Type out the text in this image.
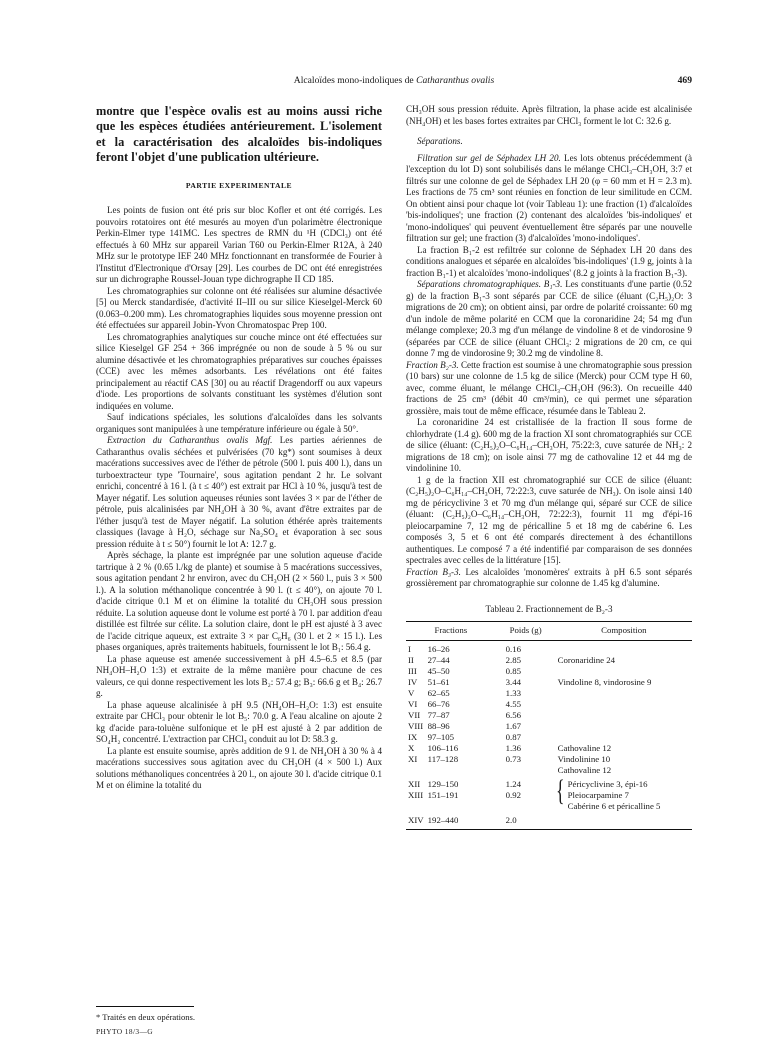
Alcaloïdes mono-indoliques de Catharanthus ovalis	469

montre que l'espèce ovalis est au moins aussi riche que les espèces étudiées antérieurement. L'isolement et la caractérisation des alcaloïdes bis-indoliques feront l'objet d'une publication ultérieure.

PARTIE EXPERIMENTALE

Les points de fusion ont été pris sur bloc Kofler et ont été corrigés. Les pouvoirs rotatoires ont été mesurés au moyen d'un polarimètre électronique Perkin-Elmer type 141MC. Les spectres de RMN du ¹H (CDCl₃) ont été effectués à 60 MHz sur appareil Varian T60 ou Perkin-Elmer R12A, à 240 MHz sur le prototype IEF 240 MHz fonctionnant en transformée de Fourier à l'Institut d'Electronique d'Orsay [29]. Les courbes de DC ont été enregistrées sur un dichrographe Roussel-Jouan type dichrographe II CD 185.

Les chromatographies sur colonne ont été réalisées sur alumine désactivée [5] ou Merck standardisée, d'activité II–III ou sur silice Kieselgel-Merck 60 (0.063–0.200 mm). Les chromatographies liquides sous moyenne pression ont été effectuées sur appareil Jobin-Yvon Chromatospac Prep 100.

Les chromatographies analytiques sur couche mince ont été effectuées sur silice Kieselgel GF 254 + 366 imprégnée ou non de soude à 5 % ou sur alumine désactivée et les chromatographies préparatives sur couches épaisses (CCE) avec les mêmes adsorbants. Les révélations ont été faites principalement au réactif CAS [30] ou au réactif Dragendorff ou aux vapeurs d'iode. Les proportions de solvants constituant les systèmes d'élution sont indiquées en volume.

Sauf indications spéciales, les solutions d'alcaloïdes dans les solvants organiques sont manipulées à une température inférieure ou égale à 50°.

Extraction du Catharanthus ovalis Mgf. Les parties aériennes de Catharanthus ovalis séchées et pulvérisées (70 kg*) sont soumises à deux macérations successives avec de l'éther de pétrole (500 l. puis 400 l.), dans un turboextracteur type 'Tournaire', sous agitation pendant 2 hr. Le solvant enrichi, concentré à 16 l. (à t ≤ 40°) est extrait par HCl à 10 %, jusqu'à test de Mayer négatif. Les solution aqueuses réunies sont lavées 3 × par de l'éther de pétrole, puis alcalinisées par NH₄OH à 30 %, avant d'être extraites par de l'éther jusqu'à test de Mayer négatif. La solution éthérée après traitements classiques (lavage à H₂O, séchage sur Na₂SO₄ et évaporation à sec sous pression réduite à t ≤ 50°) fournit le lot A: 12.7 g.

Après séchage, la plante est imprégnée par une solution aqueuse d'acide tartrique à 2 % (0.65 l./kg de plante) et soumise à 5 macérations successives, sous agitation pendant 2 hr environ, avec du CH₃OH (2 × 560 l., puis 3 × 500 l.). A la solution méthanolique concentrée à 90 l. (t ≤ 40°), on ajoute 70 l. d'acide citrique 0.1 M et on élimine la totalité du CH₃OH sous pression réduite. La solution aqueuse dont le volume est porté à 70 l. par addition d'eau distillée est filtrée sur célite. La solution claire, dont le pH est ajusté à 3 avec de l'acide citrique aqueux, est extraite 3 × par C₆H₆ (30 l. et 2 × 15 l.). Les phases organiques, après traitements habituels, fournissent le lot B₁: 56.4 g.

La phase aqueuse est amenée successivement à pH 4.5–6.5 et 8.5 (par NH₄OH–H₂O 1:3) et extraite de la même manière pour chacune de ces valeurs, ce qui donne respectivement les lots B₂: 57.4 g; B₃: 66.6 g et B₄: 26.7 g.

La phase aqueuse alcalinisée à pH 9.5 (NH₄OH–H₂O: 1:3) est ensuite extraite par CHCl₃ pour obtenir le lot B₅: 70.0 g. A l'eau alcaline on ajoute 2 kg d'acide para-toluène sulfonique et le pH est ajusté à 2 par addition de SO₄H₂ concentré. L'extraction par CHCl₃ conduit au lot D: 58.3 g.

La plante est ensuite soumise, après addition de 9 l. de NH₄OH à 30 % à 4 macérations successives sous agitation avec du CH₃OH (4 × 500 l.) Aux solutions méthanoliques concentrées à 20 l., on ajoute 30 l. d'acide citrique 0.1 M et on élimine la totalité du

CH₃OH sous pression réduite. Après filtration, la phase acide est alcalinisée (NH₄OH) et les bases fortes extraites par CHCl₃ forment le lot C: 32.6 g.

Séparations.

Filtration sur gel de Séphadex LH 20. Les lots obtenus précédemment (à l'exception du lot D) sont solubilisés dans le mélange CHCl₃–CH₃OH, 3:7 et filtrés sur une colonne de gel de Séphadex LH 20 (φ = 60 mm et H = 2.3 m). Les fractions de 75 cm³ sont réunies en fonction de leur similitude en CCM. On obtient ainsi pour chaque lot (voir Tableau 1): une fraction (1) d'alcaloïdes 'bis-indoliques'; une fraction (2) contenant des alcaloïdes 'bis-indoliques' et 'mono-indoliques' qui peuvent éventuellement être séparés par une nouvelle filtration sur gel; une fraction (3) d'alcaloïdes 'mono-indoliques'.

La fraction B₁-2 est refiltrée sur colonne de Séphadex LH 20 dans des conditions analogues et séparée en alcaloïdes 'bis-indoliques' (1.9 g, joints à la fraction B₁-1) et alcaloïdes 'mono-indoliques' (8.2 g joints à la fraction B₁-3).

Séparations chromatographiques. B₁-3. Les constituants d'une partie (0.52 g) de la fraction B₁-3 sont séparés par CCE de silice (éluant (C₂H₅)₂O: 3 migrations de 20 cm); on obtient ainsi, par ordre de polarité croissante: 60 mg d'un indole de même polarité en CCM que la coronaridine 24; 54 mg d'un mélange complexe; 20.3 mg d'un mélange de vindoline 8 et de vindorosine 9 (séparées par CCE de silice (éluant CHCl₃: 2 migrations de 20 cm, ce qui donne 7 mg de vindorosine 9; 30.2 mg de vindoline 8.

Fraction B₂-3. Cette fraction est soumise à une chromatographie sous pression (10 bars) sur une colonne de 1.5 kg de silice (Merck) pour CCM type H 60, avec, comme éluant, le mélange CHCl₃–CH₃OH (96:3). On recueille 440 fractions de 25 cm³ (débit 40 cm³/min), ce qui permet une séparation grossière, mais tout de même efficace, résumée dans le Tableau 2.

La coronaridine 24 est cristallisée de la fraction II sous forme de chlorhydrate (1.4 g). 600 mg de la fraction XI sont chromatographiés sur CCE de silice (éluant: (C₂H₅)₂O–C₆H₁₄–CH₃OH, 75:22:3, cuve saturée de NH₃: 2 migrations de 18 cm); on isole ainsi 77 mg de cathovaline 12 et 44 mg de vindolinine 10.

1 g de la fraction XII est chromatographié sur CCE de silice (éluant: (C₂H₅)₂O–C₆H₁₄–CH₃OH, 72:22:3, cuve saturée de NH₃). On isole ainsi 140 mg de péricyclivine 3 et 70 mg d'un mélange qui, séparé sur CCE de silice (éluant: (C₂H₅)₂O–C₆H₁₄–CH₃OH, 72:22:3), fournit 11 mg d'épi-16 pleiocarpamine 7, 12 mg de péricalline 5 et 18 mg de cabérine 6. Les composés 3, 5 et 6 ont été comparés directement à des échantillons authentiques. Le composé 7 a été indentifié par comparaison de ses données spectrales avec celles de la littérature [15].

Fraction B₃-3. Les alcaloïdes 'monomères' extraits à pH 6.5 sont séparés grossièrement par chromatographie sur colonne de 1.45 kg d'alumine.

Tableau 2. Fractionnement de B₂-3

Fractions		Poids (g)	Composition
I	16–26	0.16	
II	27–44	2.85	Coronaridine 24
III	45–50	0.85	
IV	51–61	3.44	Vindoline 8, vindorosine 9
V	62–65	1.33	
VI	66–76	4.55	
VII	77–87	6.56	
VIII	88–96	1.67	
IX	97–105	0.87	
X	106–116	1.36	Cathovaline 12
XI	117–128	0.73	Vindolinine 10
			Cathovaline 12
XII	129–150	1.24	{ Péricyclivine 3, épi-16
XIII	151–191	0.92	Pleiocarpamine 7
			Cabérine 6 et péricalline 5
XIV	192–440	2.0	
* Traités en deux opérations.
PHYTO 18/3—G
